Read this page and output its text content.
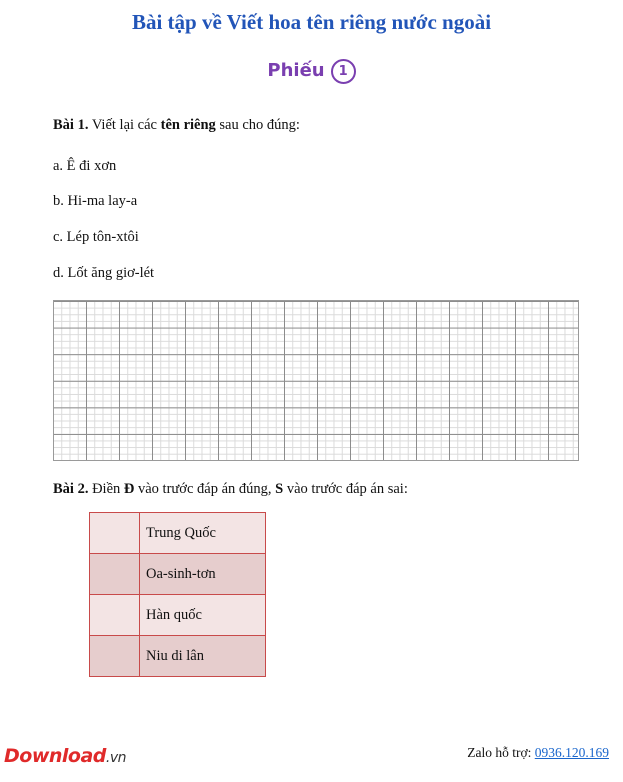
Bài tập về Viết hoa tên riêng nước ngoài
Phiếu 1
Bài 1. Viết lại các tên riêng sau cho đúng:
a. Ê đi xơn
b. Hi-ma lay-a
c. Lép tôn-xtôi
d. Lốt ăng giơ-lét
Bài 2. Điền Đ vào trước đáp án đúng, S vào trước đáp án sai:
	Trung Quốc
	Oa-sinh-tơn
	Hàn quốc
	Niu di lân
Download.vn	Zalo hỗ trợ: 0936.120.169
